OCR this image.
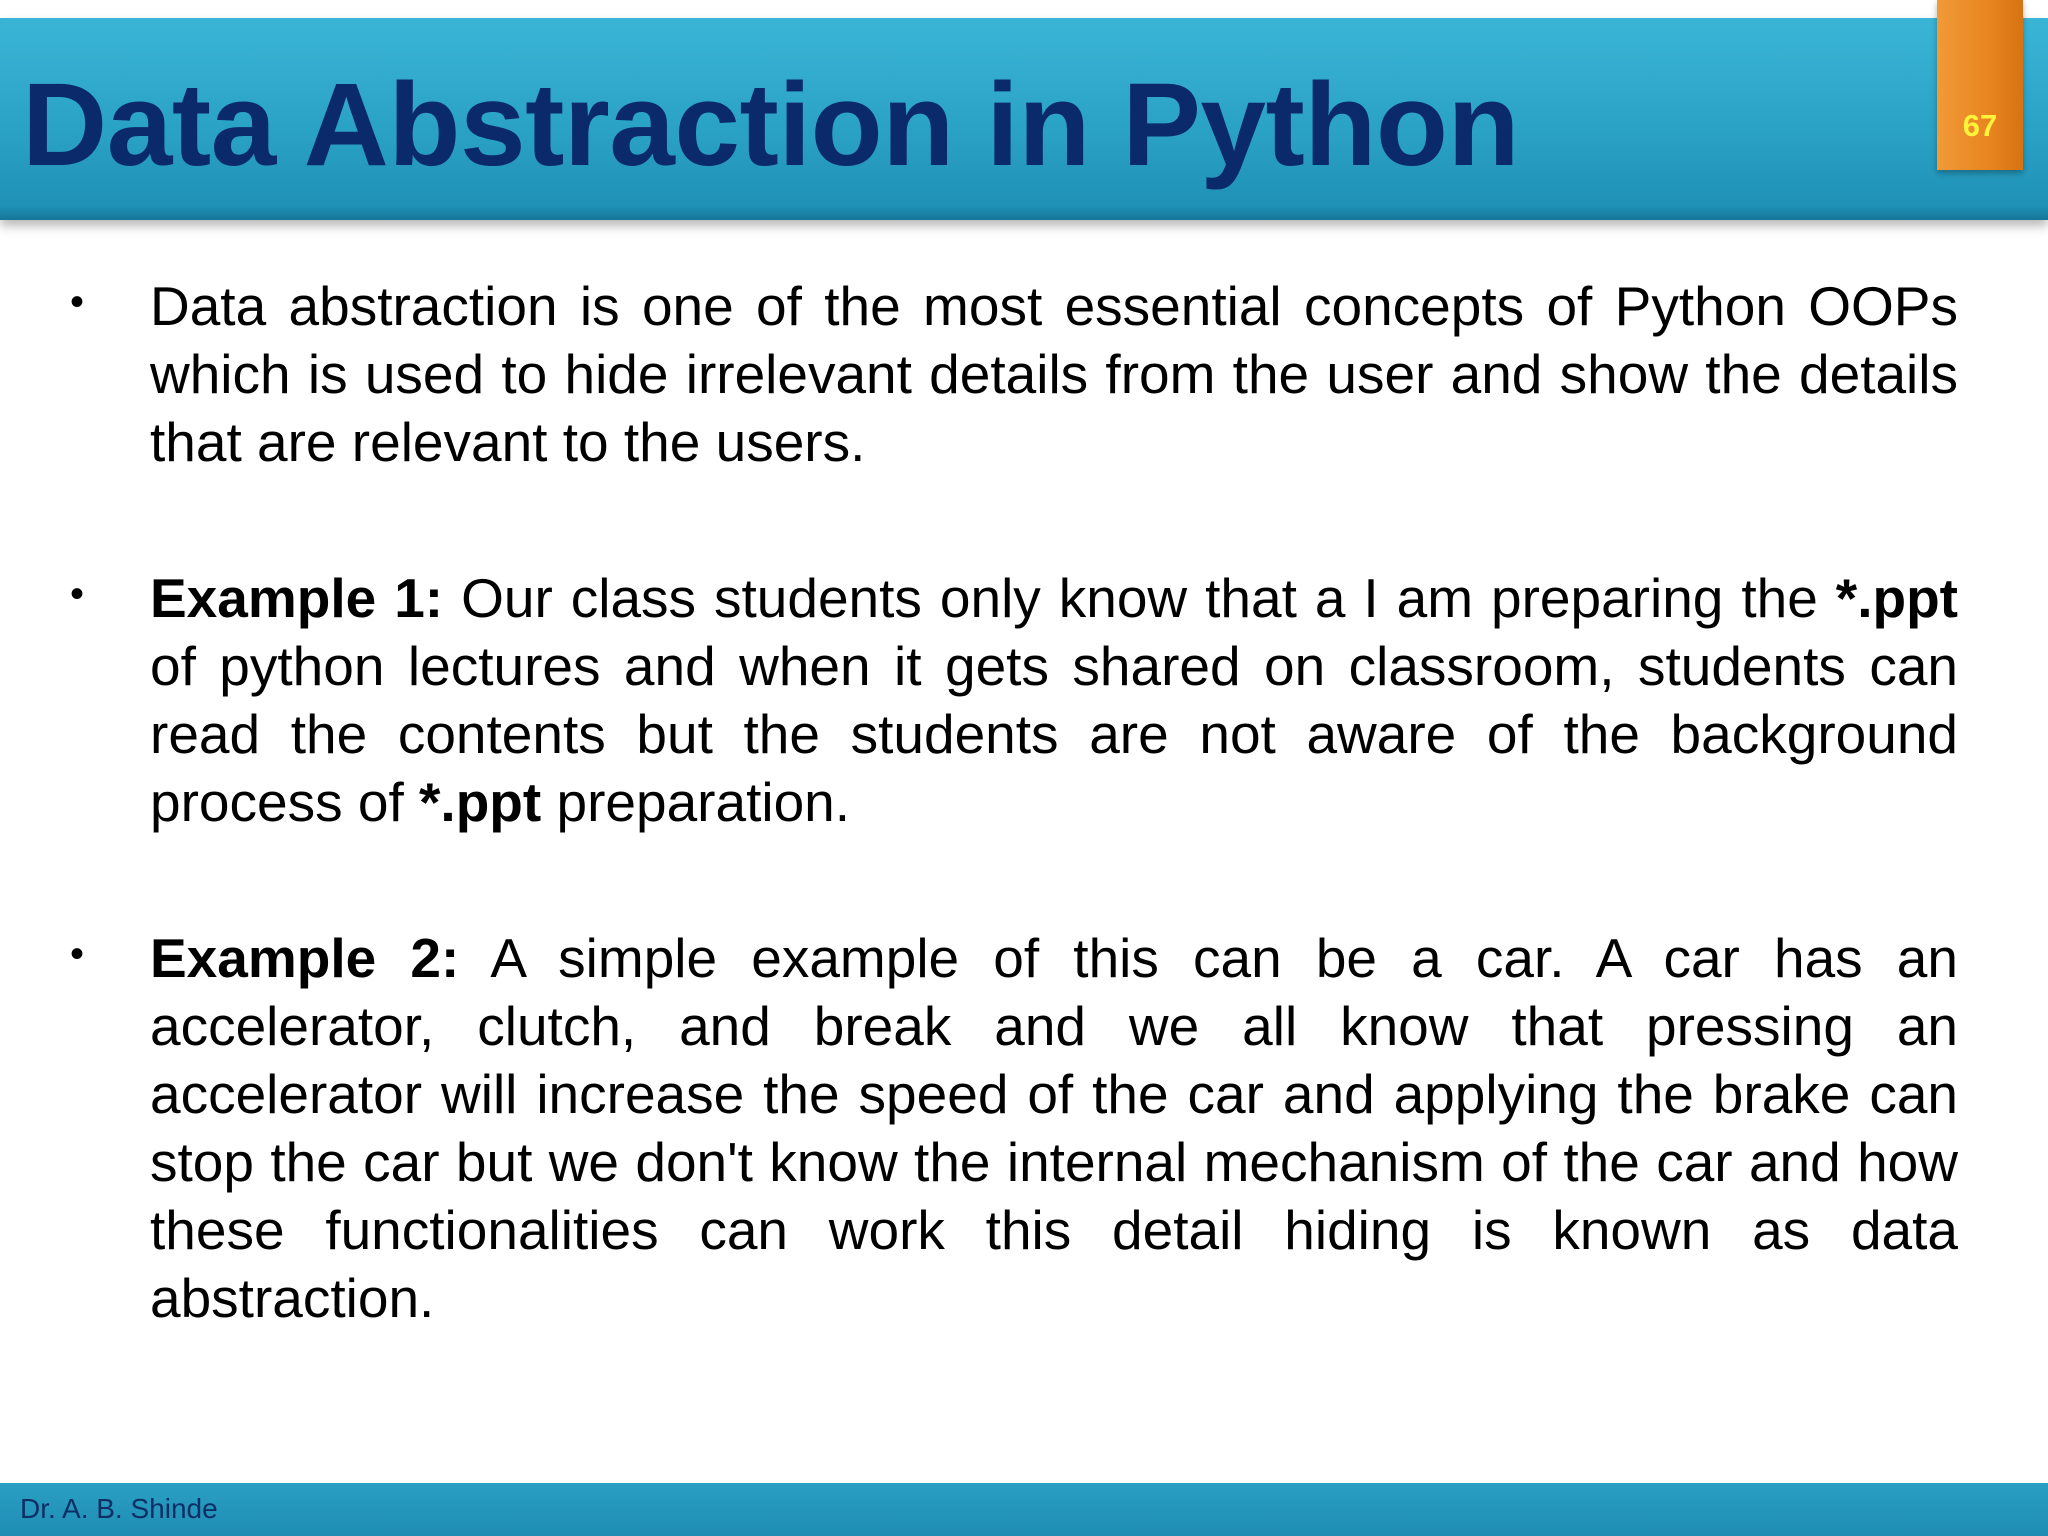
Data Abstraction in Python	67
• Data abstraction is one of the most essential concepts of Python OOPs which is used to hide irrelevant details from the user and show the details that are relevant to the users.
• Example 1: Our class students only know that a I am preparing the *.ppt of python lectures and when it gets shared on classroom, students can read the contents but the students are not aware of the background process of *.ppt preparation.
• Example 2: A simple example of this can be a car. A car has an accelerator, clutch, and break and we all know that pressing an accelerator will increase the speed of the car and applying the brake can stop the car but we don't know the internal mechanism of the car and how these functionalities can work this detail hiding is known as data abstraction.
Dr. A. B. Shinde
